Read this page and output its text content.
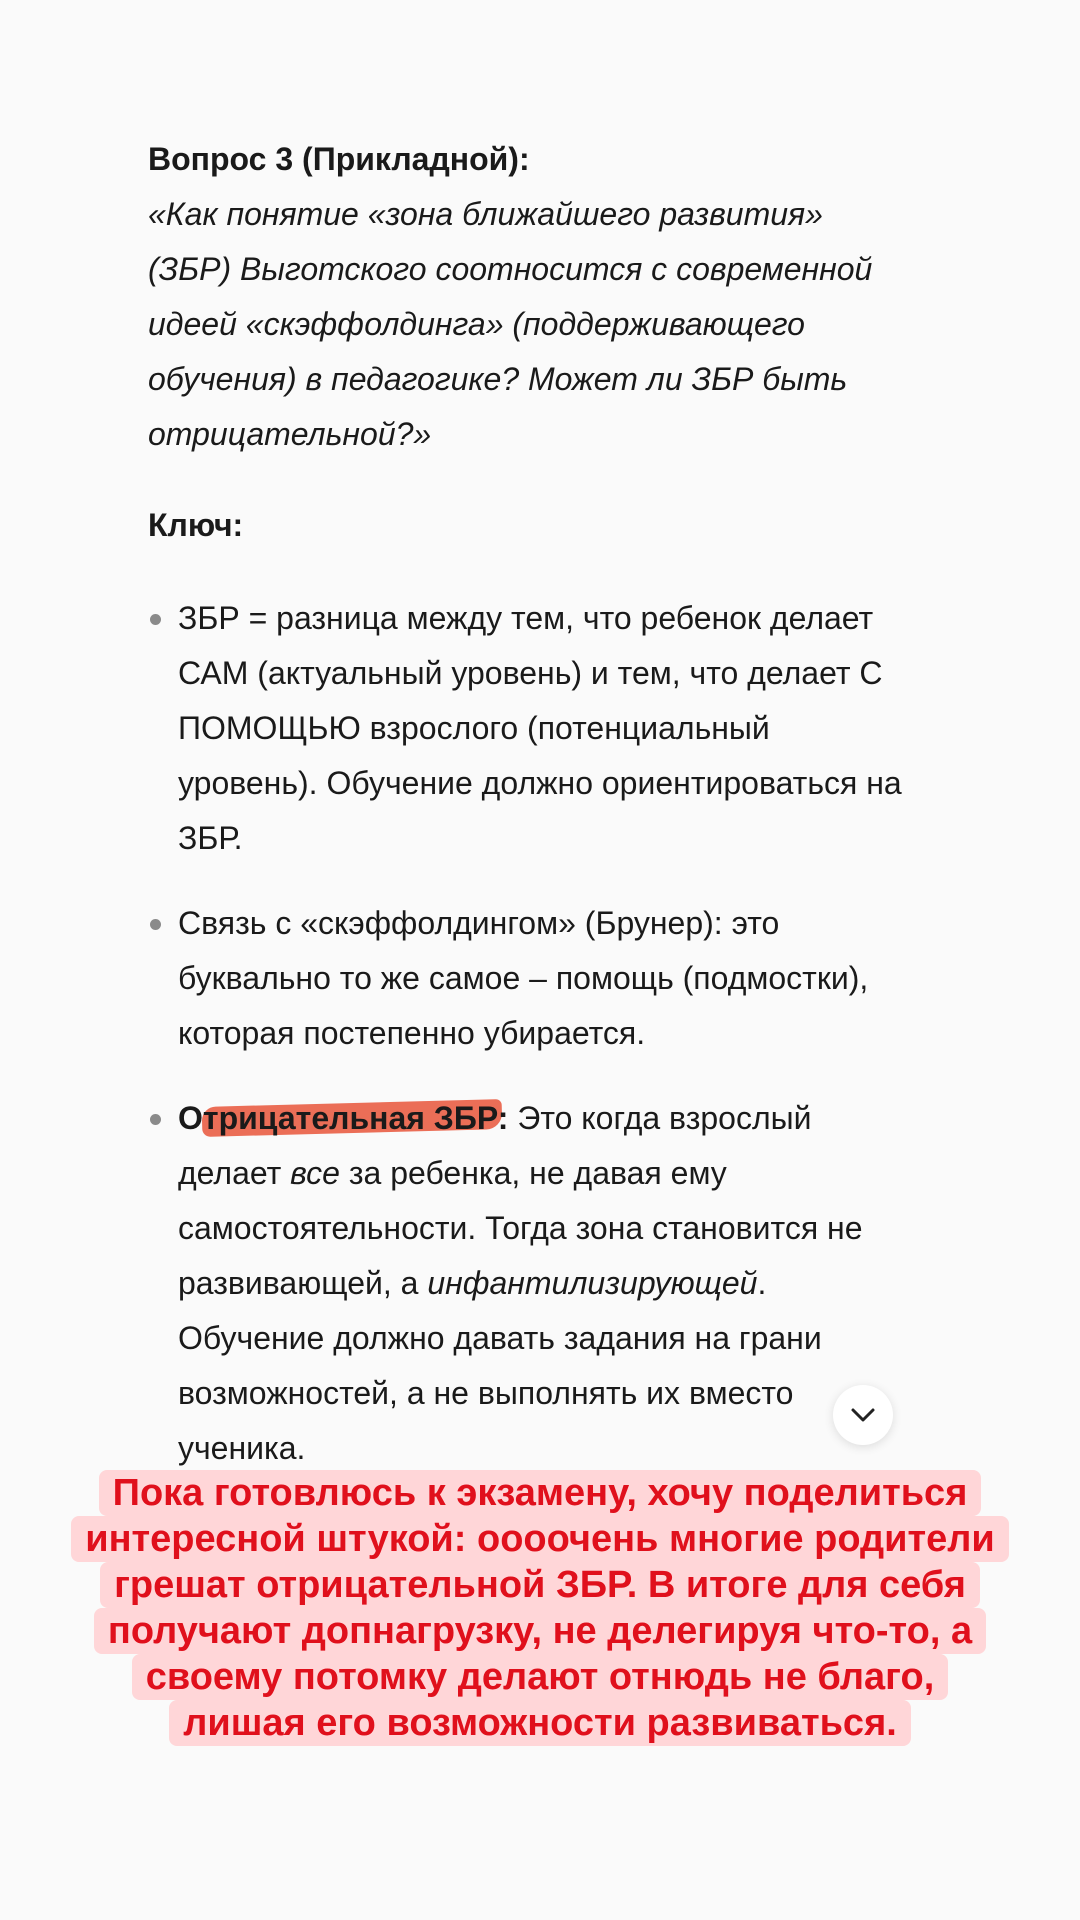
Вопрос 3 (Прикладной):

«Как понятие «зона ближайшего развития» (ЗБР) Выготского соотносится с современной идеей «скэффолдинга» (поддерживающего обучения) в педагогике? Может ли ЗБР быть отрицательной?»

Ключ:

ЗБР = разница между тем, что ребенок делает САМ (актуальный уровень) и тем, что делает С ПОМОЩЬЮ взрослого (потенциальный уровень). Обучение должно ориентироваться на ЗБР.
Связь с «скэффолдингом» (Брунер): это буквально то же самое – помощь (подмостки), которая постепенно убирается.
Отрицательная ЗБР: Это когда взрослый делает все за ребенка, не давая ему самостоятельности. Тогда зона становится не развивающей, а инфантилизирующей. Обучение должно давать задания на грани возможностей, а не выполнять их вместо ученика.
Пока готовлюсь к экзамену, хочу поделиться
интересной штукой: оооочень многие родители
грешат отрицательной ЗБР. В итоге для себя
получают допнагрузку, не делегируя что-то, а
своему потомку делают отнюдь не благо,
лишая его возможности развиваться.
